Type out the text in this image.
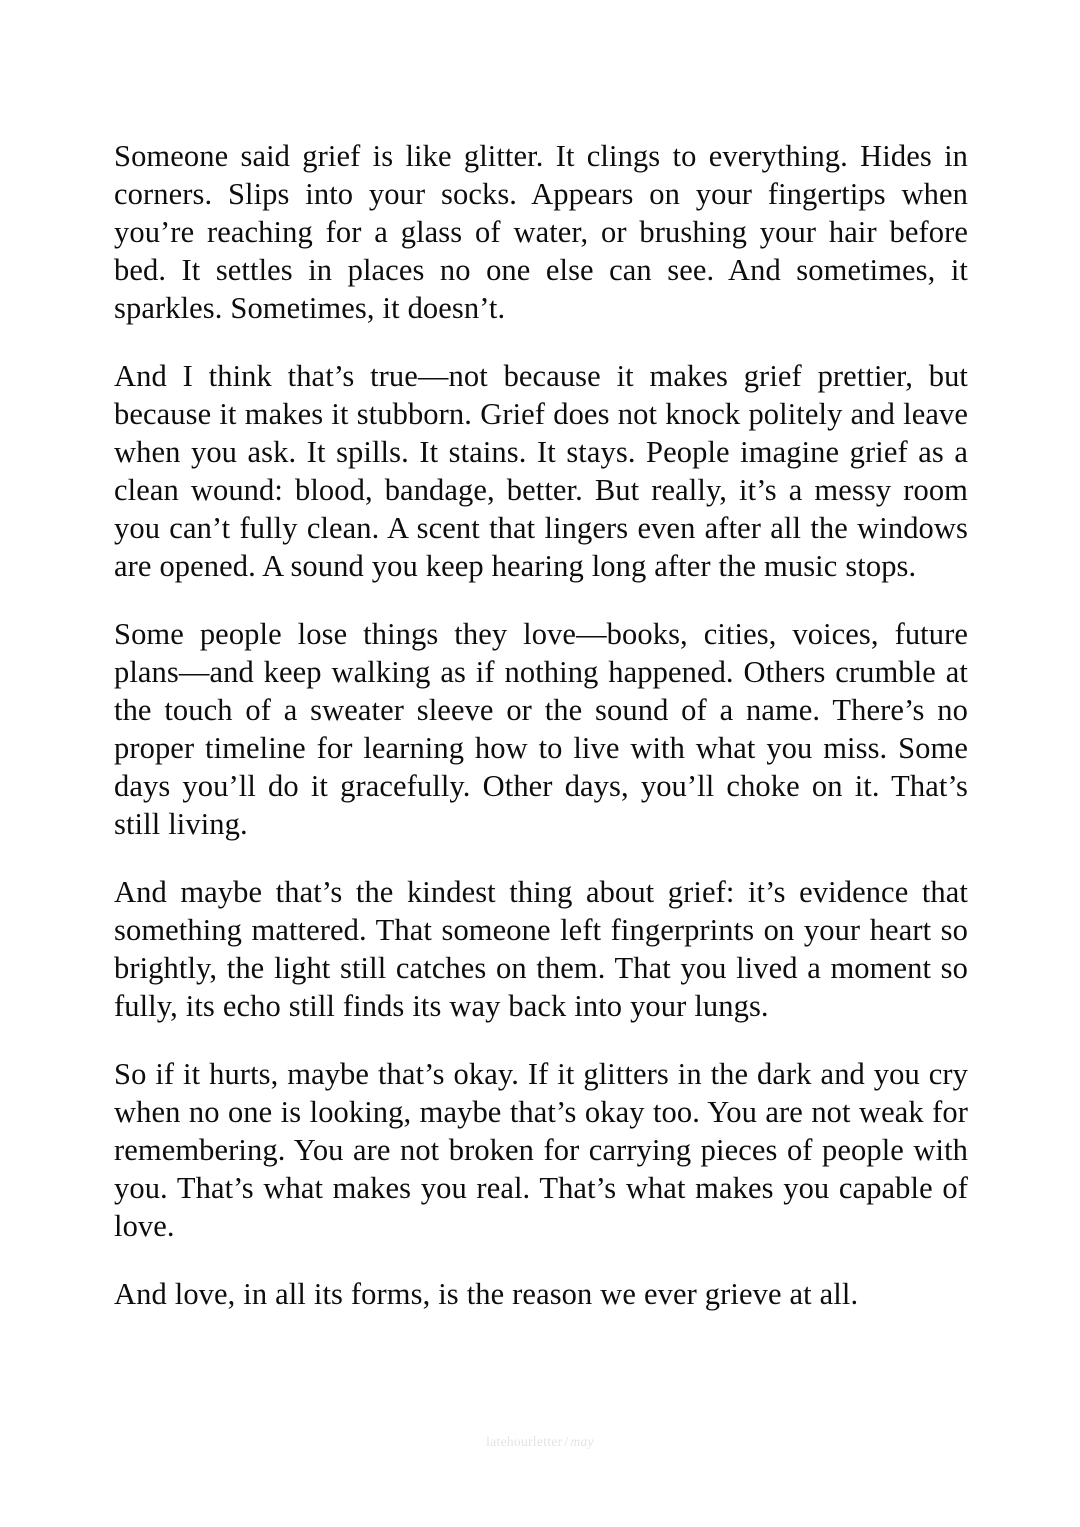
Someone said grief is like glitter. It clings to everything. Hides in corners. Slips into your socks. Appears on your fingertips when you’re reaching for a glass of water, or brushing your hair before bed. It settles in places no one else can see. And sometimes, it sparkles. Sometimes, it doesn’t.

And I think that’s true—not because it makes grief prettier, but because it makes it stubborn. Grief does not knock politely and leave when you ask. It spills. It stains. It stays. People imagine grief as a clean wound: blood, bandage, better. But really, it’s a messy room you can’t fully clean. A scent that lingers even after all the windows are opened. A sound you keep hearing long after the music stops.

Some people lose things they love—books, cities, voices, future plans—and keep walking as if nothing happened. Others crumble at the touch of a sweater sleeve or the sound of a name. There’s no proper timeline for learning how to live with what you miss. Some days you’ll do it gracefully. Other days, you’ll choke on it. That’s still living.

And maybe that’s the kindest thing about grief: it’s evidence that something mattered. That someone left fingerprints on your heart so brightly, the light still catches on them. That you lived a moment so fully, its echo still finds its way back into your lungs.

So if it hurts, maybe that’s okay. If it glitters in the dark and you cry when no one is looking, maybe that’s okay too. You are not weak for remembering. You are not broken for carrying pieces of people with you. That’s what makes you real. That’s what makes you capable of love.

And love, in all its forms, is the reason we ever grieve at all.

latehourletter / may
